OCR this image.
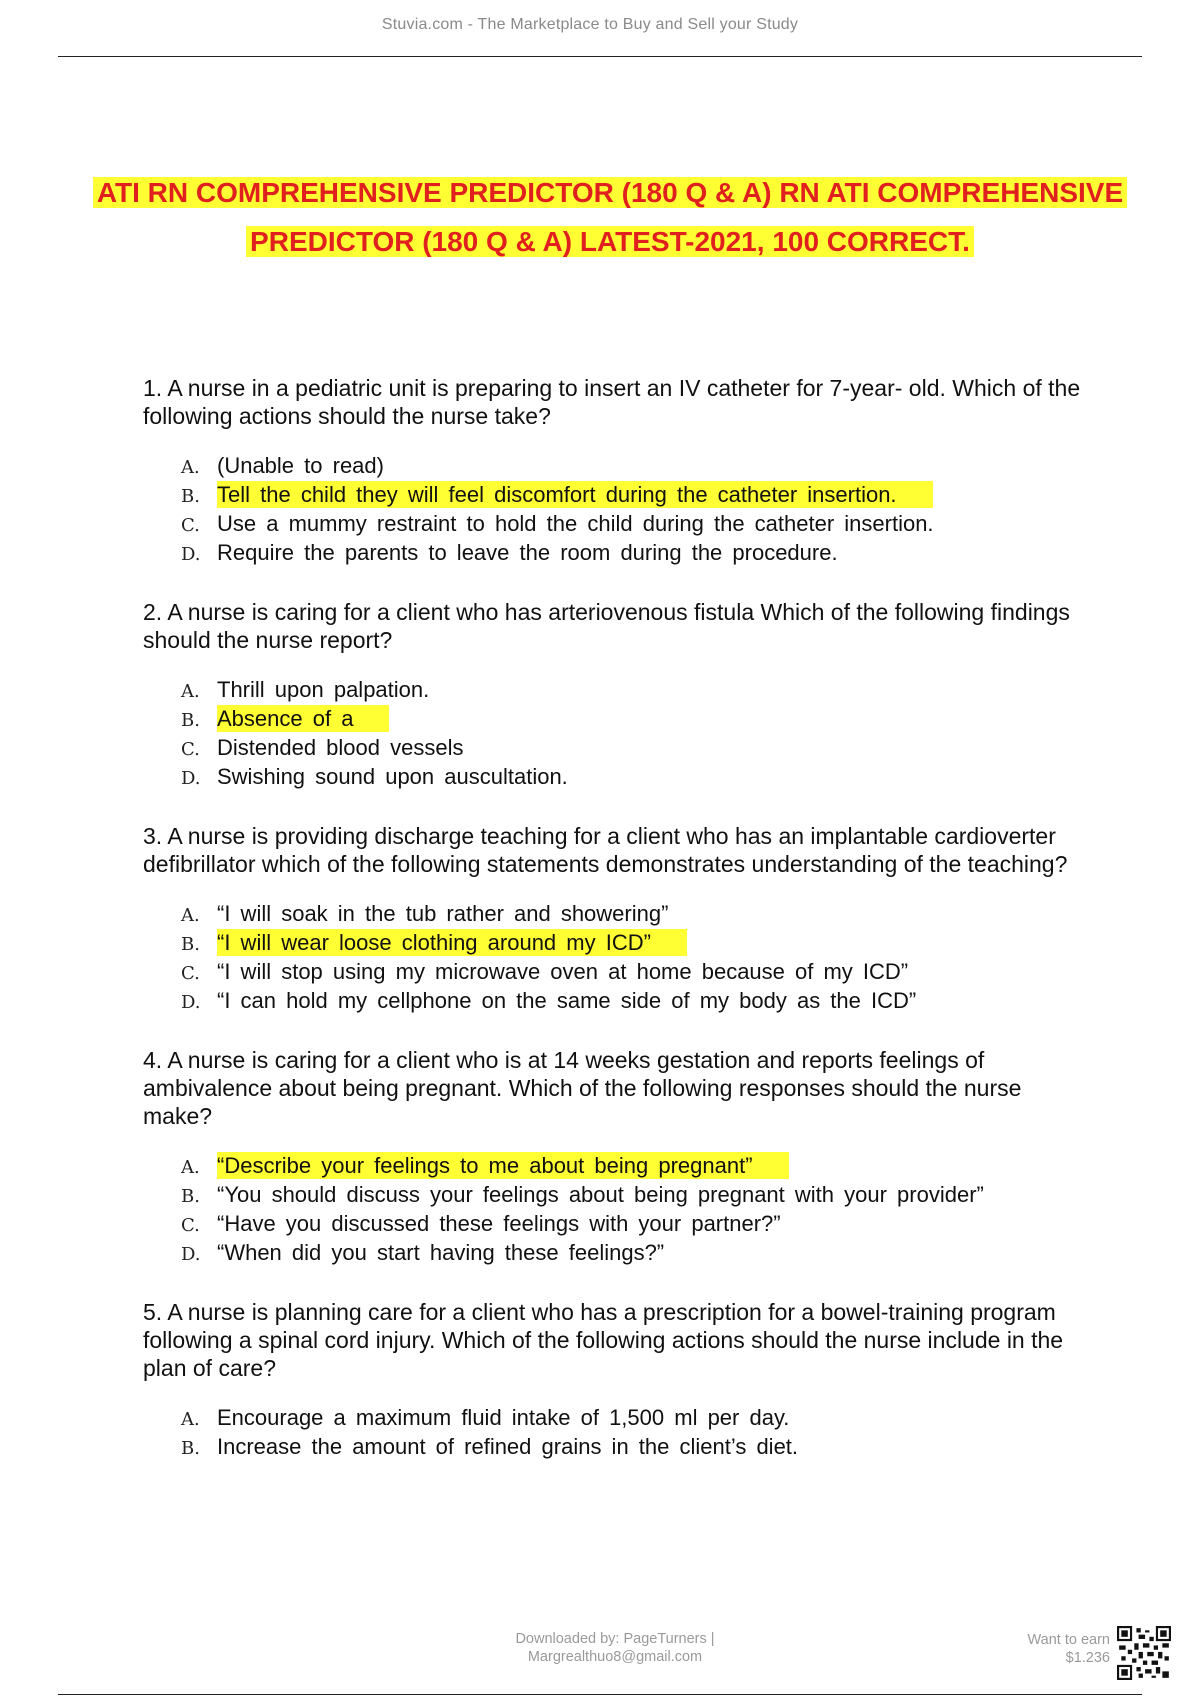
Stuvia.com - The Marketplace to Buy and Sell your Study
ATI RN COMPREHENSIVE PREDICTOR (180 Q & A) RN ATI COMPREHENSIVE
PREDICTOR (180 Q & A) LATEST-2021, 100 CORRECT.

1. A nurse in a pediatric unit is preparing to insert an IV catheter for 7-year- old. Which of the following actions should the nurse take?

A. (Unable to read)
B. Tell the child they will feel discomfort during the catheter insertion.
C. Use a mummy restraint to hold the child during the catheter insertion.
D. Require the parents to leave the room during the procedure.

2. A nurse is caring for a client who has arteriovenous fistula Which of the following findings should the nurse report?

A. Thrill upon palpation.
B. Absence of a
C. Distended blood vessels
D. Swishing sound upon auscultation.

3. A nurse is providing discharge teaching for a client who has an implantable cardioverter defibrillator which of the following statements demonstrates understanding of the teaching?

A. “I will soak in the tub rather and showering”
B. “I will wear loose clothing around my ICD”
C. “I will stop using my microwave oven at home because of my ICD”
D. “I can hold my cellphone on the same side of my body as the ICD”

4. A nurse is caring for a client who is at 14 weeks gestation and reports feelings of ambivalence about being pregnant. Which of the following responses should the nurse make?

A. “Describe your feelings to me about being pregnant”
B. “You should discuss your feelings about being pregnant with your provider”
C. “Have you discussed these feelings with your partner?”
D. “When did you start having these feelings?”

5. A nurse is planning care for a client who has a prescription for a bowel-training program following a spinal cord injury. Which of the following actions should the nurse include in the plan of care?

A. Encourage a maximum fluid intake of 1,500 ml per day.
B. Increase the amount of refined grains in the client’s diet.
Downloaded by: PageTurners |
Margrealthuo8@gmail.com
Want to earn
$1.236
